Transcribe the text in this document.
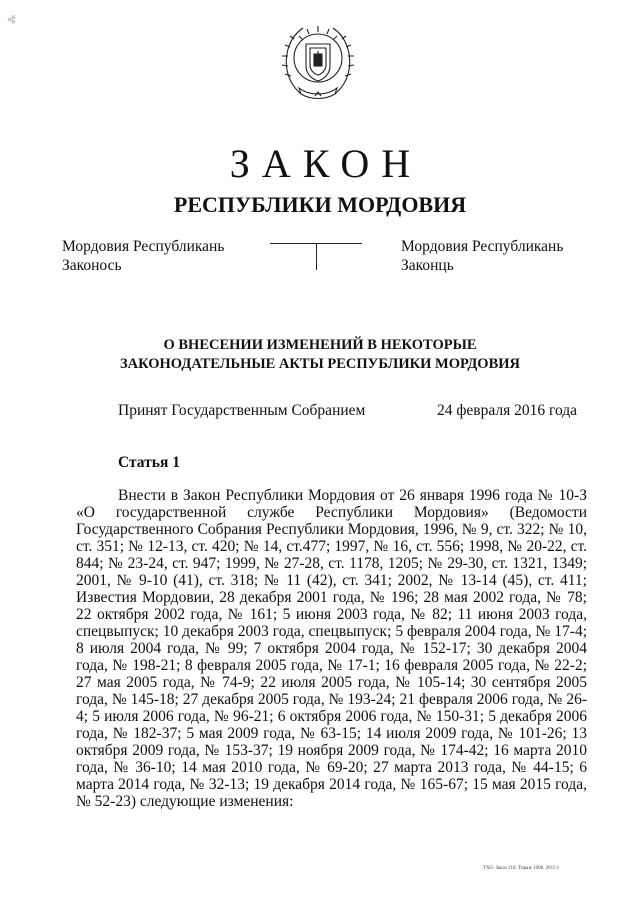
⁂
ЗАКОН
РЕСПУБЛИКИ МОРДОВИЯ
Мордовия Республикань
Законось
Мордовия Республикань
Законць
О ВНЕСЕНИИ ИЗМЕНЕНИЙ В НЕКОТОРЫЕ
ЗАКОНОДАТЕЛЬНЫЕ АКТЫ РЕСПУБЛИКИ МОРДОВИЯ
Принят Государственным Собранием	24 февраля 2016 года
Статья 1

Внести в Закон Республики Мордовия от 26 января 1996 года № 10-З «О государственной службе Республики Мордовия» (Ведомости Государственного Собрания Республики Мордовия, 1996, № 9, ст. 322; № 10, ст. 351; № 12-13, ст. 420; № 14, ст.477; 1997, № 16, ст. 556; 1998, № 20-22, ст. 844; № 23-24, ст. 947; 1999, № 27-28, ст. 1178, 1205; № 29-30, ст. 1321, 1349; 2001, № 9-10 (41), ст. 318; № 11 (42), ст. 341; 2002, № 13-14 (45), ст. 411; Известия Мордовии, 28 декабря 2001 года, № 196; 28 мая 2002 года, № 78; 22 октября 2002 года, № 161; 5 июня 2003 года, № 82; 11 июня 2003 года, спецвыпуск; 10 декабря 2003 года, спецвыпуск; 5 февраля 2004 года, № 17-4; 8 июля 2004 года, № 99; 7 октября 2004 года, № 152-17; 30 декабря 2004 года, № 198-21; 8 февраля 2005 года, № 17-1; 16 февраля 2005 года, № 22-2; 27 мая 2005 года, № 74-9; 22 июля 2005 года, № 105-14; 30 сентября 2005 года, № 145-18; 27 декабря 2005 года, № 193-24; 21 февраля 2006 года, № 26-4; 5 июля 2006 года, № 96-21; 6 октября 2006 года, № 150-31; 5 декабря 2006 года, № 182-37; 5 мая 2009 года, № 63-15; 14 июля 2009 года, № 101-26; 13 октября 2009 года, № 153-37; 19 ноября 2009 года, № 174-42; 16 марта 2010 года, № 36-10; 14 мая 2010 года, № 69-20; 27 марта 2013 года, № 44-15; 6 марта 2014 года, № 32-13; 19 декабря 2014 года, № 165-67; 15 мая 2015 года, № 52-23) следующие изменения:

ТХО. Заказ 210. Тираж 1000. 2015 г.
